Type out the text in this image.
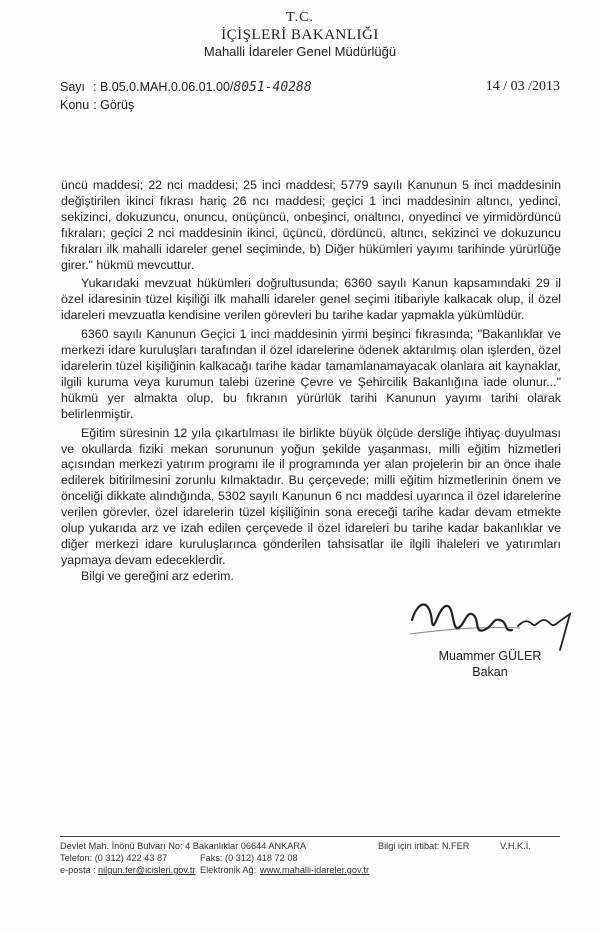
T.C.
İÇİŞLERİ BAKANLIĞI
Mahalli İdareler Genel Müdürlüğü
Sayı : B.05.0.MAH.0.06.01.00/8051-40288	14 / 03 /2013
Konu : Görüş

üncü maddesi; 22 nci maddesi; 25 inci maddesi; 5779 sayılı Kanunun 5 inci maddesinin değiştirilen ikinci fıkrası hariç 26 ncı maddesi; geçici 1 inci maddesinin altıncı, yedinci, sekizinci, dokuzuncu, onuncu, onüçüncü, onbeşinci, onaltıncı, onyedinci ve yirmidördüncü fıkraları; geçici 2 nci maddesinin ikinci, üçüncü, dördüncü, altıncı, sekizinci ve dokuzuncu fıkraları ilk mahalli idareler genel seçiminde, b) Diğer hükümleri yayımı tarihinde yürürlüğe girer." hükmü mevcuttur.

Yukarıdaki mevzuat hükümleri doğrultusunda; 6360 sayılı Kanun kapsamındaki 29 il özel idaresinin tüzel kişiliği ilk mahalli idareler genel seçimi itibariyle kalkacak olup, il özel idareleri mevzuatla kendisine verilen görevleri bu tarihe kadar yapmakla yükümlüdür.

6360 sayılı Kanunun Geçici 1 inci maddesinin yirmi beşinci fıkrasında; "Bakanlıklar ve merkezi idare kuruluşları tarafından il özel idarelerine ödenek aktarılmış olan işlerden, özel idarelerin tüzel kişiliğinin kalkacağı tarihe kadar tamamlanamayacak olanlara ait kaynaklar, ilgili kuruma veya kurumun talebi üzerine Çevre ve Şehircilik Bakanlığına iade olunur..." hükmü yer almakta olup, bu fıkranın yürürlük tarihi Kanunun yayımı tarihi olarak belirlenmiştir.

Eğitim süresinin 12 yıla çıkartılması ile birlikte büyük ölçüde dersliğe ihtiyaç duyulması ve okullarda fiziki mekan sorununun yoğun şekilde yaşanması, milli eğitim hizmetleri açısından merkezi yatırım programı ile il programında yer alan projelerin bir an önce ihale edilerek bitirilmesini zorunlu kılmaktadır. Bu çerçevede; milli eğitim hizmetlerinin önem ve önceliği dikkate alındığında, 5302 sayılı Kanunun 6 ncı maddesi uyarınca il özel idarelerine verilen görevler, özel idarelerin tüzel kişiliğinin sona ereceği tarihe kadar devam etmekte olup yukarıda arz ve izah edilen çerçevede il özel idareleri bu tarihe kadar bakanlıklar ve diğer merkezi idare kuruluşlarınca gönderilen tahsisatlar ile ilgili ihaleleri ve yatırımları yapmaya devam edeceklerdir.

Bilgi ve gereğini arz ederim.

Muammer GÜLER
Bakan
Devlet Mah. İnönü Bulvarı No: 4 Bakanlıklar 06644 ANKARA	Bilgi için irtibat: N.FER	V.H.K.İ.
Telefon: (0 312) 422 43 87	Faks: (0 312) 418 72 08
e-posta : nilgun.fer@icisleri.gov.tr Elektronik Ağ: www.mahalli-idareler.gov.tr
